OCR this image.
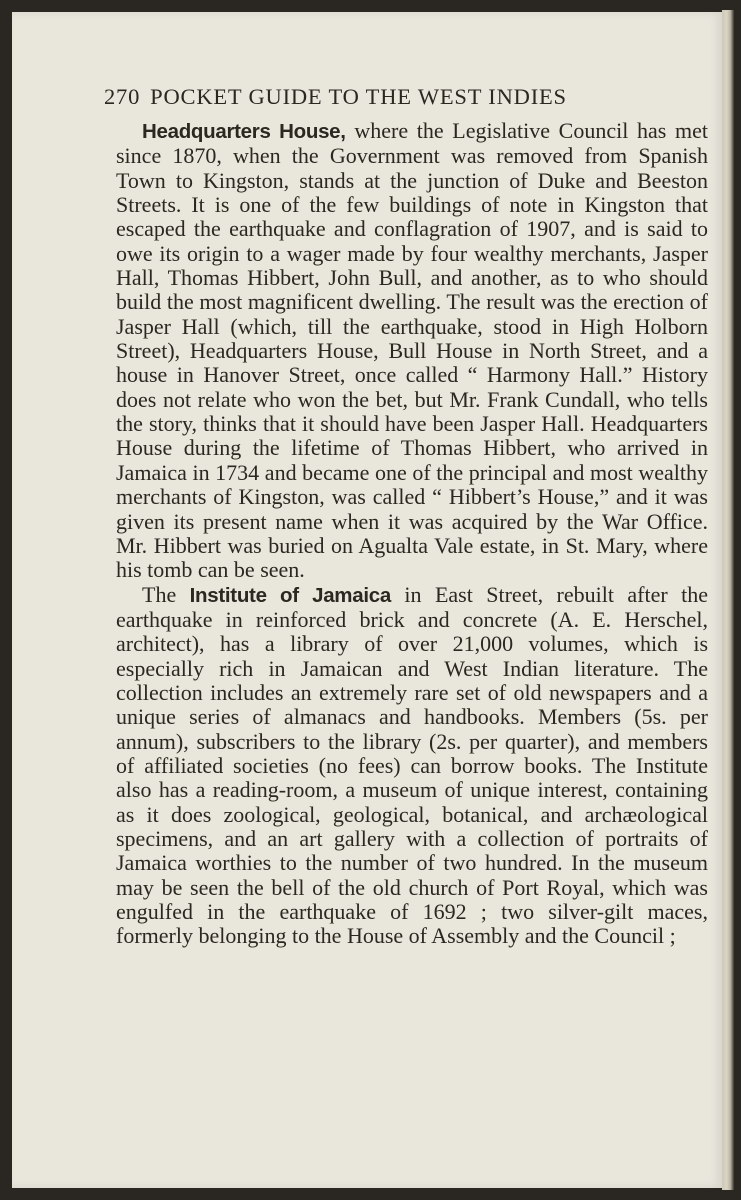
270 POCKET GUIDE TO THE WEST INDIES

Headquarters House, where the Legislative Council has met since 1870, when the Government was removed from Spanish Town to Kingston, stands at the junction of Duke and Beeston Streets. It is one of the few buildings of note in Kingston that escaped the earthquake and conflagration of 1907, and is said to owe its origin to a wager made by four wealthy merchants, Jasper Hall, Thomas Hibbert, John Bull, and another, as to who should build the most magnificent dwelling. The result was the erection of Jasper Hall (which, till the earthquake, stood in High Holborn Street), Headquarters House, Bull House in North Street, and a house in Hanover Street, once called “ Harmony Hall.” History does not relate who won the bet, but Mr. Frank Cundall, who tells the story, thinks that it should have been Jasper Hall. Headquarters House during the lifetime of Thomas Hibbert, who arrived in Jamaica in 1734 and became one of the principal and most wealthy merchants of Kingston, was called “ Hibbert’s House,” and it was given its present name when it was acquired by the War Office. Mr. Hibbert was buried on Agualta Vale estate, in St. Mary, where his tomb can be seen.

The Institute of Jamaica in East Street, rebuilt after the earthquake in reinforced brick and concrete (A. E. Herschel, architect), has a library of over 21,000 volumes, which is especially rich in Jamaican and West Indian literature. The collection includes an extremely rare set of old newspapers and a unique series of almanacs and handbooks. Members (5s. per annum), subscribers to the library (2s. per quarter), and members of affiliated societies (no fees) can borrow books. The Institute also has a reading-room, a museum of unique interest, containing as it does zoological, geological, botanical, and archæological specimens, and an art gallery with a collection of portraits of Jamaica worthies to the number of two hundred. In the museum may be seen the bell of the old church of Port Royal, which was engulfed in the earthquake of 1692 ; two silver-gilt maces, formerly belonging to the House of Assembly and the Council ;
